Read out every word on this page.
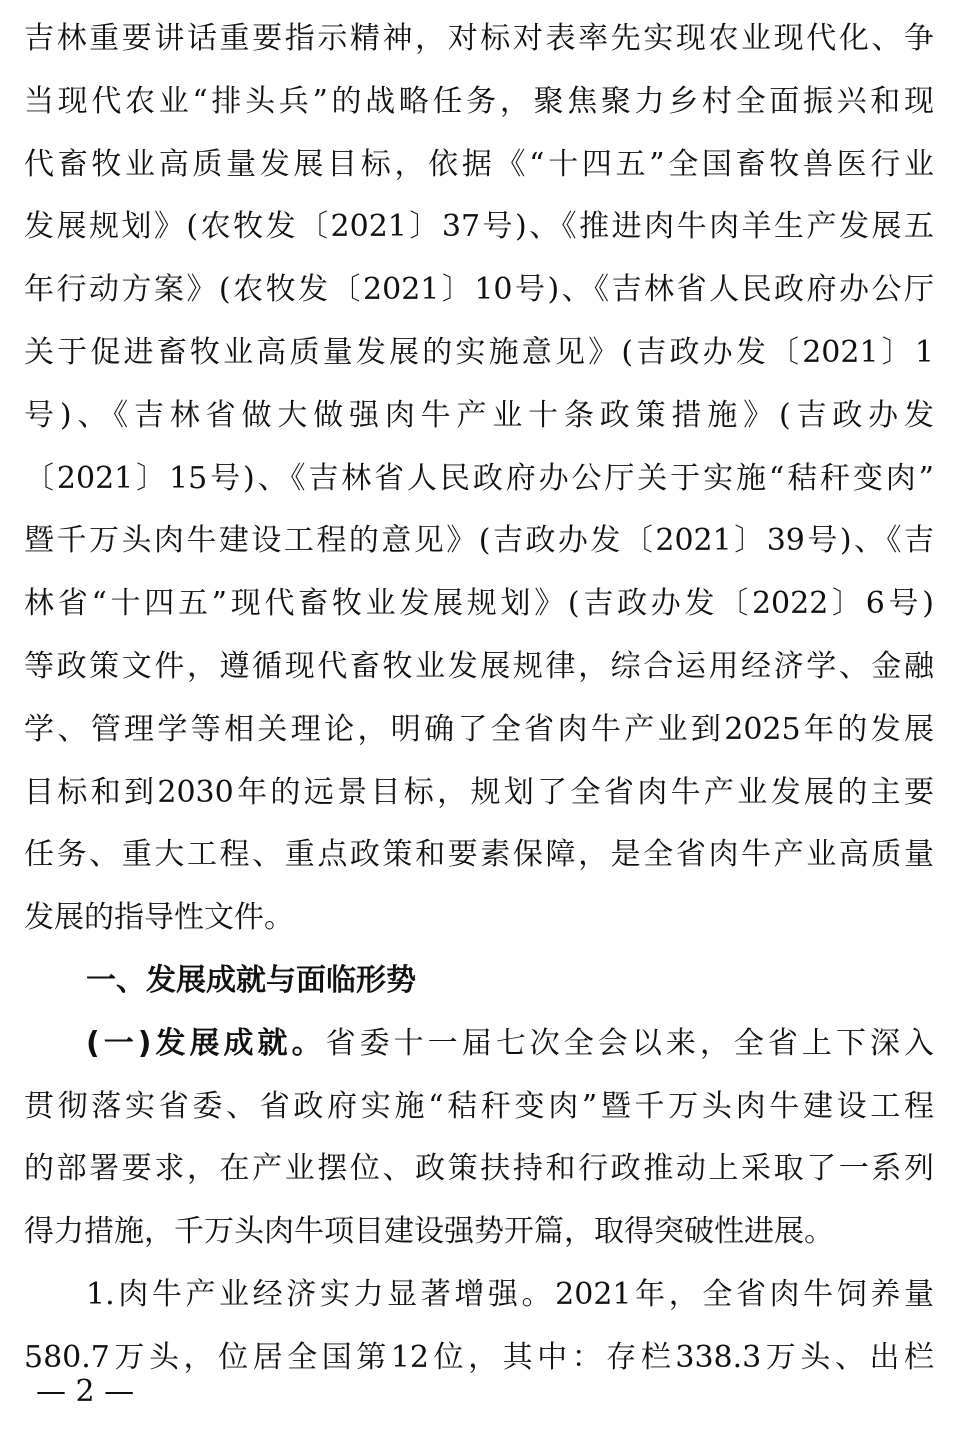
吉林重要讲话重要指示精神，对标对表率先实现农业现代化、争
当现代农业“排头兵”的战略任务，聚焦聚力乡村全面振兴和现
代畜牧业高质量发展目标，依据《“十四五”全国畜牧兽医行业
发展规划》(农牧发〔2021〕37号)、《推进肉牛肉羊生产发展五
年行动方案》(农牧发〔2021〕10号)、《吉林省人民政府办公厅
关于促进畜牧业高质量发展的实施意见》(吉政办发〔2021〕1
号)、《吉林省做大做强肉牛产业十条政策措施》(吉政办发
〔2021〕15号)、《吉林省人民政府办公厅关于实施“秸秆变肉”
暨千万头肉牛建设工程的意见》(吉政办发〔2021〕39号)、《吉
林省“十四五”现代畜牧业发展规划》(吉政办发〔2022〕6号)
等政策文件，遵循现代畜牧业发展规律，综合运用经济学、金融
学、管理学等相关理论，明确了全省肉牛产业到2025年的发展
目标和到2030年的远景目标，规划了全省肉牛产业发展的主要
任务、重大工程、重点政策和要素保障，是全省肉牛产业高质量
发展的指导性文件。
一、发展成就与面临形势
(一)发展成就。省委十一届七次全会以来，全省上下深入
贯彻落实省委、省政府实施“秸秆变肉”暨千万头肉牛建设工程
的部署要求，在产业摆位、政策扶持和行政推动上采取了一系列
得力措施，千万头肉牛项目建设强势开篇，取得突破性进展。
1.肉牛产业经济实力显著增强。2021年，全省肉牛饲养量
580.7万头，位居全国第12位，其中：存栏338.3万头、出栏
— 2 —
